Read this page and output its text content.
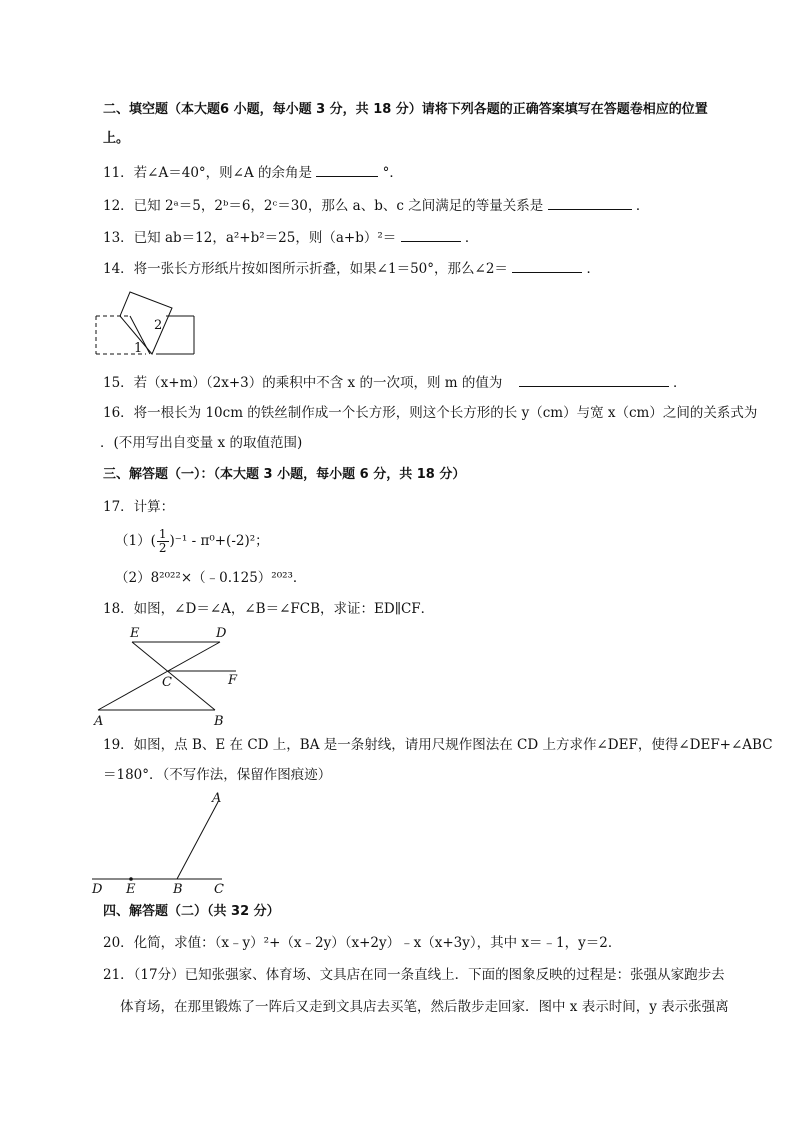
二、填空题（本大题6 小题，每小题 3 分，共 18 分）请将下列各题的正确答案填写在答题卷相应的位置
上。
11．若∠A＝40°，则∠A 的余角是	°．
12．已知 2ᵃ＝5，2ᵇ＝6，2ᶜ＝30，那么 a、b、c 之间满足的等量关系是	．
13．已知 ab＝12，a²+b²＝25，则（a+b）²＝	．
14．将一张长方形纸片按如图所示折叠，如果∠1＝50°，那么∠2＝	．
2
1
15．若（x+m）（2x+3）的乘积中不含 x 的一次项，则 m 的值为	．
16．将一根长为 10cm 的铁丝制作成一个长方形，则这个长方形的长 y（cm）与宽 x（cm）之间的关系式为
．(不用写出自变量 x 的取值范围)
三、解答题（一）：（本大题 3 小题，每小题 6 分，共 18 分）
17．计算：
$(1)( \frac{1}{2} )^{-1} - \pi^0+(-2)^2$；
（2）8²⁰²²×（﹣0.125）²⁰²³．
18．如图，∠D＝∠A，∠B＝∠FCB，求证：ED∥CF．
E	D
C	F
A	B
19．如图，点 B、E 在 CD 上，BA 是一条射线，请用尺规作图法在 CD 上方求作∠DEF，使得∠DEF+∠ABC
＝180°．（不写作法，保留作图痕迹）
A
D E	B C
四、解答题（二）（共 32 分）
20．化简，求值：（x﹣y）²+（x﹣2y）（x+2y）﹣x（x+3y），其中 x＝﹣1，y＝2．
21．（17分）已知张强家、体育场、文具店在同一条直线上．下面的图象反映的过程是：张强从家跑步去
体育场，在那里锻炼了一阵后又走到文具店去买笔，然后散步走回家．图中 x 表示时间，y 表示张强离
